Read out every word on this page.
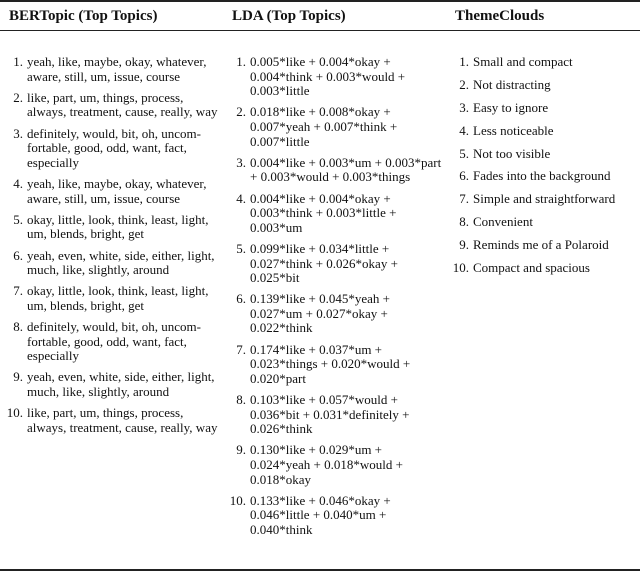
BERTopic (Top Topics)
1. yeah, like, maybe, okay, whatever, aware, still, um, issue, course
2. like, part, um, things, process, always, treatment, cause, really, way
3. definitely, would, bit, oh, uncom-fortable, good, odd, want, fact, especially
4. yeah, like, maybe, okay, whatever, aware, still, um, issue, course
5. okay, little, look, think, least, light, um, blends, bright, get
6. yeah, even, white, side, either, light, much, like, slightly, around
7. okay, little, look, think, least, light, um, blends, bright, get
8. definitely, would, bit, oh, uncom-fortable, good, odd, want, fact, especially
9. yeah, even, white, side, either, light, much, like, slightly, around
10. like, part, um, things, process, always, treatment, cause, really, way
LDA (Top Topics)
1. 0.005*like + 0.004*okay + 0.004*think + 0.003*would + 0.003*little
2. 0.018*like + 0.008*okay + 0.007*yeah + 0.007*think + 0.007*little
3. 0.004*like + 0.003*um + 0.003*part + 0.003*would + 0.003*things
4. 0.004*like + 0.004*okay + 0.003*think + 0.003*little + 0.003*um
5. 0.099*like + 0.034*little + 0.027*think + 0.026*okay + 0.025*bit
6. 0.139*like + 0.045*yeah + 0.027*um + 0.027*okay + 0.022*think
7. 0.174*like + 0.037*um + 0.023*things + 0.020*would + 0.020*part
8. 0.103*like + 0.057*would + 0.036*bit + 0.031*definitely + 0.026*think
9. 0.130*like + 0.029*um + 0.024*yeah + 0.018*would + 0.018*okay
10. 0.133*like + 0.046*okay + 0.046*little + 0.040*um + 0.040*think
ThemeClouds
1. Small and compact
2. Not distracting
3. Easy to ignore
4. Less noticeable
5. Not too visible
6. Fades into the background
7. Simple and straightforward
8. Convenient
9. Reminds me of a Polaroid
10. Compact and spacious
